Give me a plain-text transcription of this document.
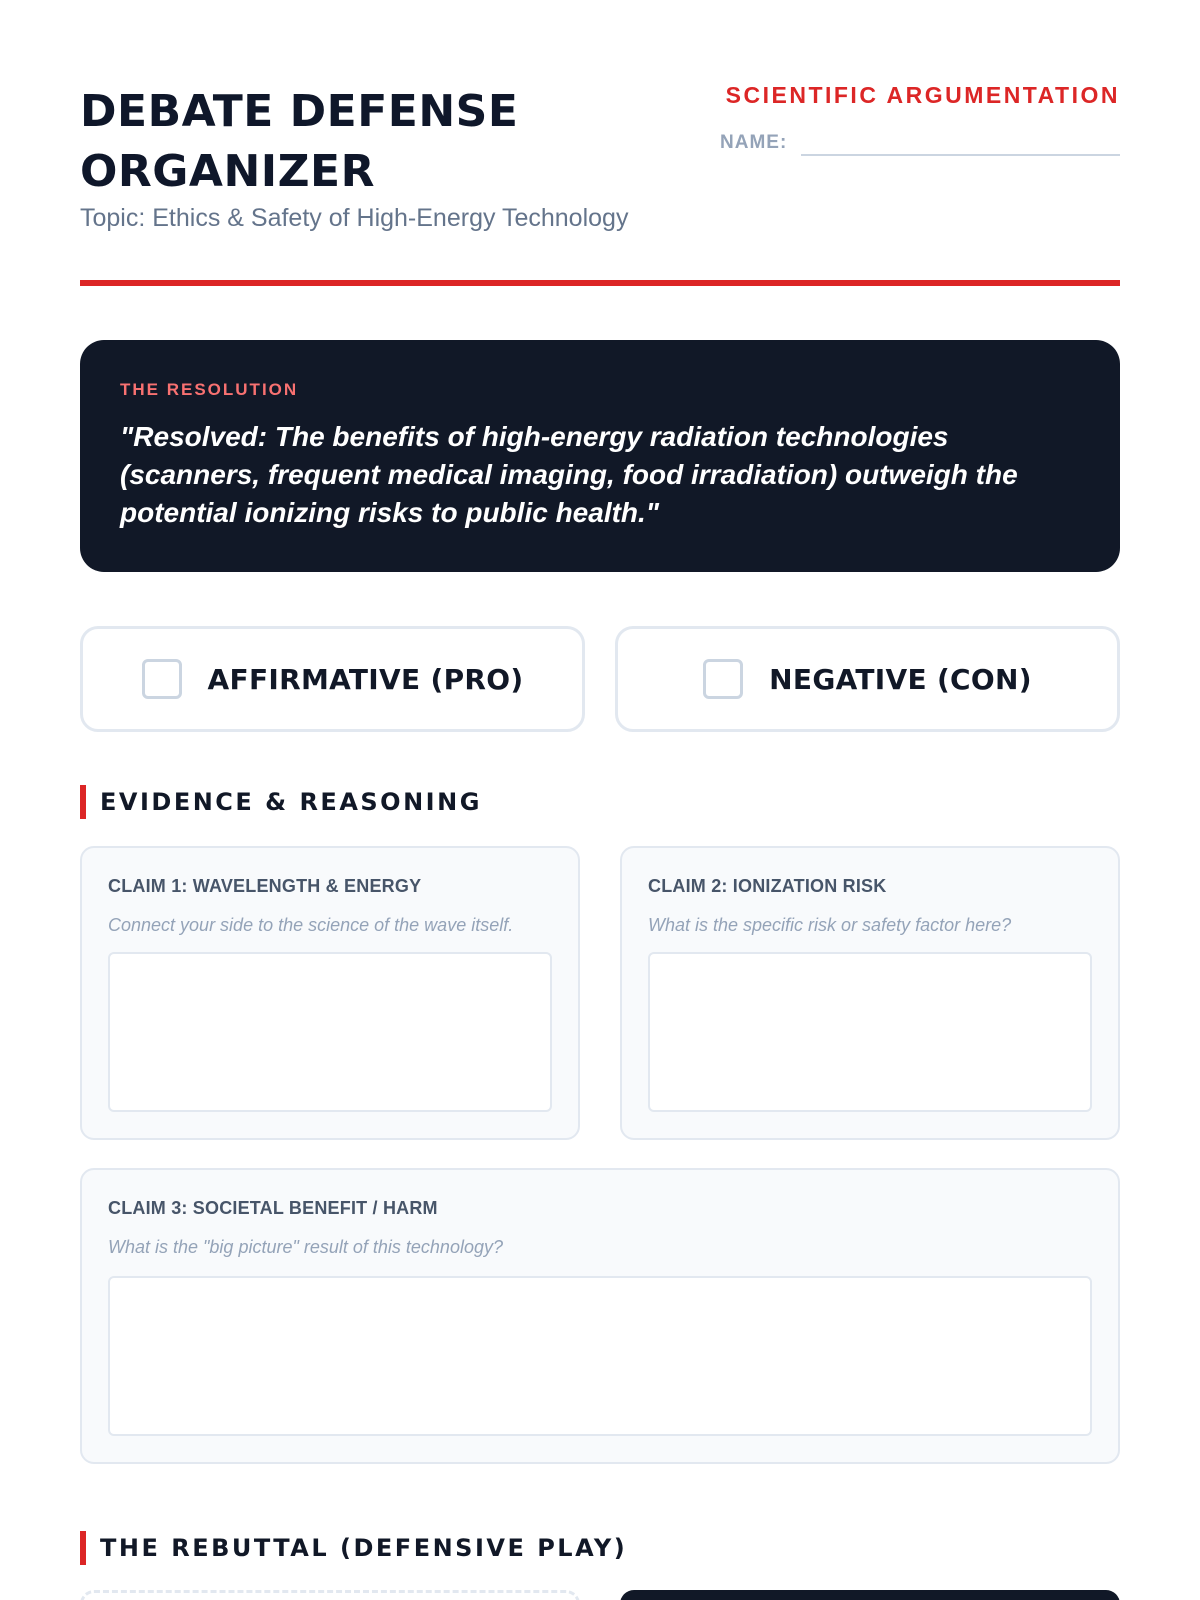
DEBATE DEFENSE
ORGANIZER
Topic: Ethics & Safety of High-Energy Technology
SCIENTIFIC ARGUMENTATION
NAME:
THE RESOLUTION
"Resolved: The benefits of high-energy radiation technologies (scanners, frequent medical imaging, food irradiation) outweigh the potential ionizing risks to public health."
AFFIRMATIVE (PRO)	NEGATIVE (CON)
EVIDENCE & REASONING
CLAIM 1: WAVELENGTH & ENERGY
Connect your side to the science of the wave itself.
CLAIM 2: IONIZATION RISK
What is the specific risk or safety factor here?
CLAIM 3: SOCIETAL BENEFIT / HARM
What is the "big picture" result of this technology?
THE REBUTTAL (DEFENSIVE PLAY)
